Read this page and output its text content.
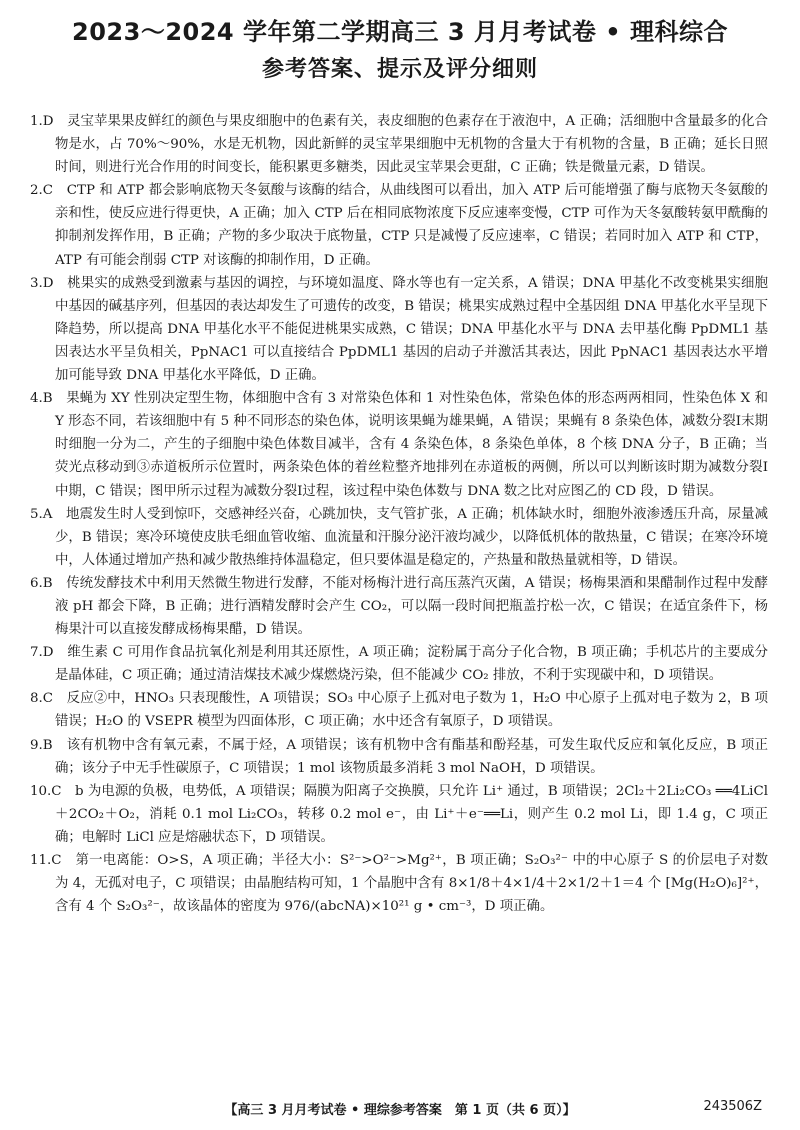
2023～2024 学年第二学期高三 3 月月考试卷 • 理科综合
参考答案、提示及评分细则

1.D　灵宝苹果果皮鲜红的颜色与果皮细胞中的色素有关，表皮细胞的色素存在于液泡中，A 正确；活细胞中含量最多的化合物是水，占 70%～90%，水是无机物，因此新鲜的灵宝苹果细胞中无机物的含量大于有机物的含量，B 正确；延长日照时间，则进行光合作用的时间变长，能积累更多糖类，因此灵宝苹果会更甜，C 正确；铁是微量元素，D 错误。

2.C　CTP 和 ATP 都会影响底物天冬氨酸与该酶的结合，从曲线图可以看出，加入 ATP 后可能增强了酶与底物天冬氨酸的亲和性，使反应进行得更快，A 正确；加入 CTP 后在相同底物浓度下反应速率变慢，CTP 可作为天冬氨酸转氨甲酰酶的抑制剂发挥作用，B 正确；产物的多少取决于底物量，CTP 只是减慢了反应速率，C 错误；若同时加入 ATP 和 CTP，ATP 有可能会削弱 CTP 对该酶的抑制作用，D 正确。

3.D　桃果实的成熟受到激素与基因的调控，与环境如温度、降水等也有一定关系，A 错误；DNA 甲基化不改变桃果实细胞中基因的碱基序列，但基因的表达却发生了可遗传的改变，B 错误；桃果实成熟过程中全基因组 DNA 甲基化水平呈现下降趋势，所以提高 DNA 甲基化水平不能促进桃果实成熟，C 错误；DNA 甲基化水平与 DNA 去甲基化酶 PpDML1 基因表达水平呈负相关，PpNAC1 可以直接结合 PpDML1 基因的启动子并激活其表达，因此 PpNAC1 基因表达水平增加可能导致 DNA 甲基化水平降低，D 正确。

4.B　果蝇为 XY 性别决定型生物，体细胞中含有 3 对常染色体和 1 对性染色体，常染色体的形态两两相同，性染色体 X 和 Y 形态不同，若该细胞中有 5 种不同形态的染色体，说明该果蝇为雄果蝇，A 错误；果蝇有 8 条染色体，减数分裂Ⅰ末期时细胞一分为二，产生的子细胞中染色体数目减半，含有 4 条染色体，8 条染色单体，8 个核 DNA 分子，B 正确；当荧光点移动到③赤道板所示位置时，两条染色体的着丝粒整齐地排列在赤道板的两侧，所以可以判断该时期为减数分裂Ⅰ中期，C 错误；图甲所示过程为减数分裂Ⅰ过程，该过程中染色体数与 DNA 数之比对应图乙的 CD 段，D 错误。

5.A　地震发生时人受到惊吓，交感神经兴奋，心跳加快，支气管扩张，A 正确；机体缺水时，细胞外液渗透压升高，尿量减少，B 错误；寒冷环境使皮肤毛细血管收缩、血流量和汗腺分泌汗液均减少，以降低机体的散热量，C 错误；在寒冷环境中，人体通过增加产热和减少散热维持体温稳定，但只要体温是稳定的，产热量和散热量就相等，D 错误。

6.B　传统发酵技术中利用天然微生物进行发酵，不能对杨梅汁进行高压蒸汽灭菌，A 错误；杨梅果酒和果醋制作过程中发酵液 pH 都会下降，B 正确；进行酒精发酵时会产生 CO₂，可以隔一段时间把瓶盖拧松一次，C 错误；在适宜条件下，杨梅果汁可以直接发酵成杨梅果醋，D 错误。

7.D　维生素 C 可用作食品抗氧化剂是利用其还原性，A 项正确；淀粉属于高分子化合物，B 项正确；手机芯片的主要成分是晶体硅，C 项正确；通过清洁煤技术减少煤燃烧污染，但不能减少 CO₂ 排放，不利于实现碳中和，D 项错误。

8.C　反应②中，HNO₃ 只表现酸性，A 项错误；SO₃ 中心原子上孤对电子数为 1，H₂O 中心原子上孤对电子数为 2，B 项错误；H₂O 的 VSEPR 模型为四面体形，C 项正确；水中还含有氧原子，D 项错误。

9.B　该有机物中含有氧元素，不属于烃，A 项错误；该有机物中含有酯基和酚羟基，可发生取代反应和氧化反应，B 项正确；该分子中无手性碳原子，C 项错误；1 mol 该物质最多消耗 3 mol NaOH，D 项错误。

10.C　b 为电源的负极，电势低，A 项错误；隔膜为阳离子交换膜，只允许 Li⁺ 通过，B 项错误；2Cl₂＋2Li₂CO₃ ══4LiCl＋2CO₂＋O₂，消耗 0.1 mol Li₂CO₃，转移 0.2 mol e⁻，由 Li⁺＋e⁻══Li，则产生 0.2 mol Li，即 1.4 g，C 项正确；电解时 LiCl 应是熔融状态下，D 项错误。

11.C　第一电离能：O>S，A 项正确；半径大小：S²⁻>O²⁻>Mg²⁺，B 项正确；S₂O₃²⁻ 中的中心原子 S 的价层电子对数为 4，无孤对电子，C 项错误；由晶胞结构可知，1 个晶胞中含有 8×1/8＋4×1/4＋2×1/2＋1＝4 个 [Mg(H₂O)₆]²⁺，含有 4 个 S₂O₃²⁻，故该晶体的密度为 976/(abcNA)×10²¹ g • cm⁻³，D 项正确。

【高三 3 月月考试卷 • 理综参考答案　第 1 页（共 6 页）】	243506Z
